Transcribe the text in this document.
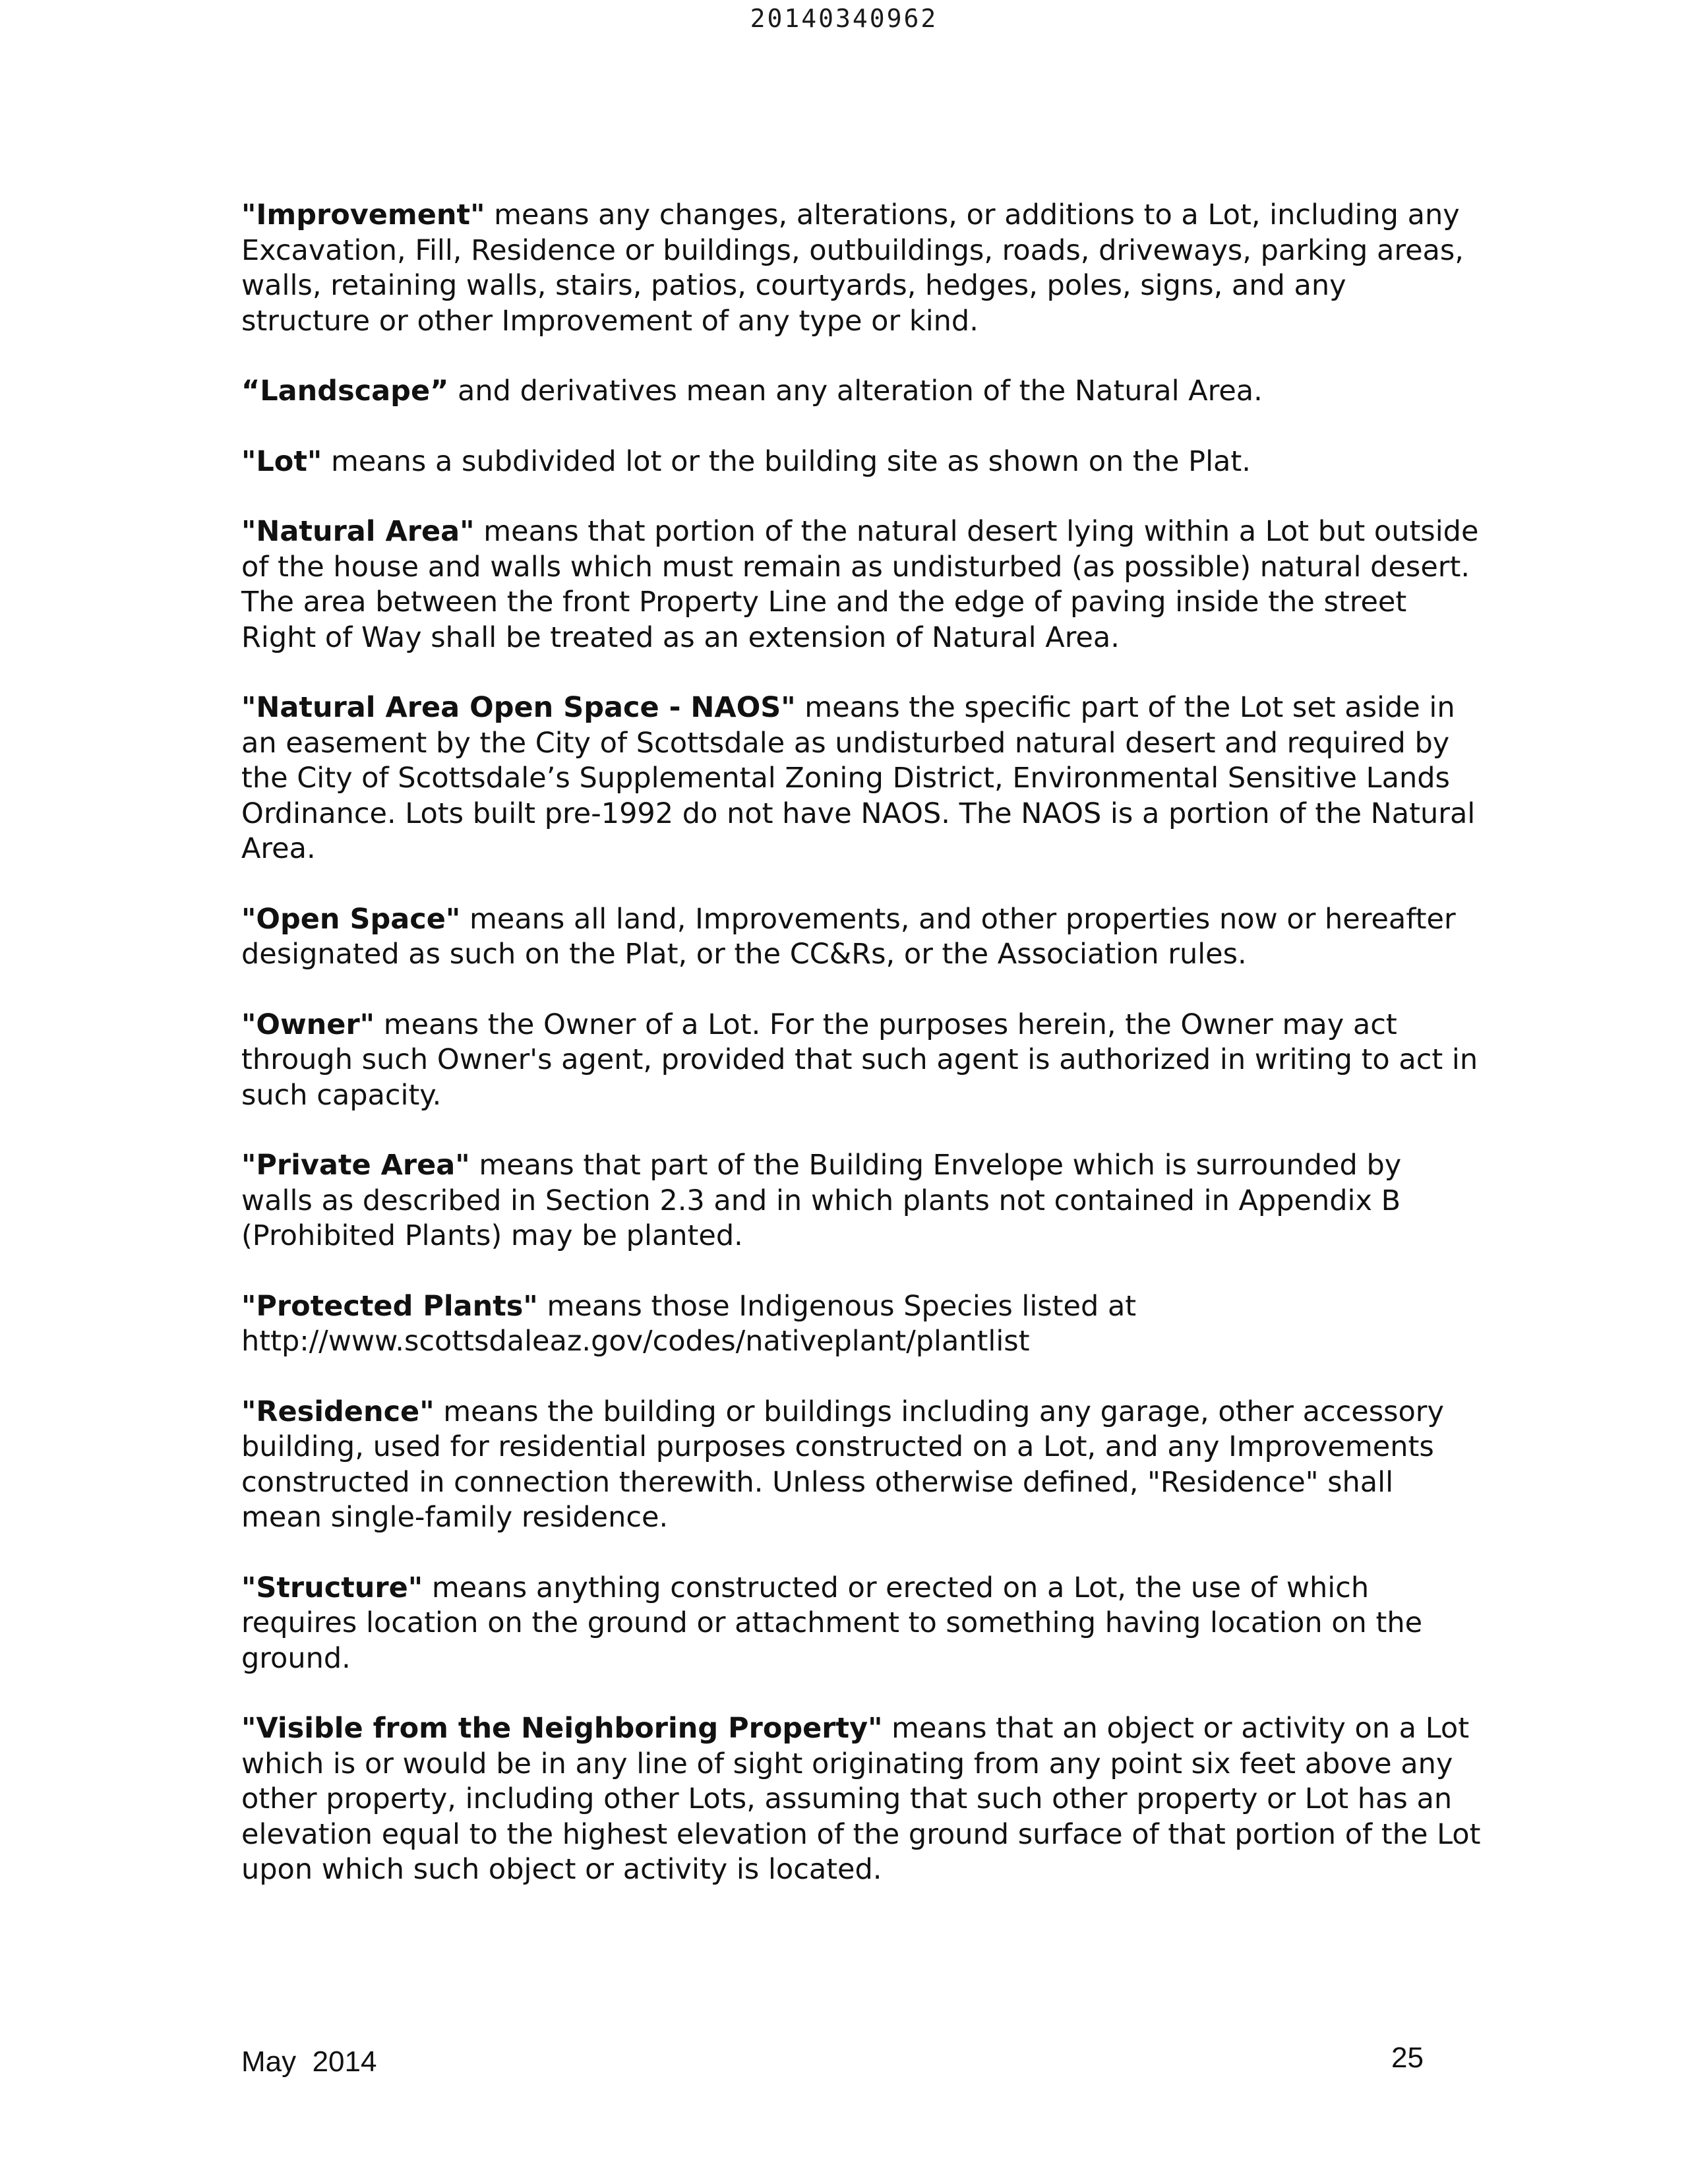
20140340962

"Improvement" means any changes, alterations, or additions to a Lot, including any Excavation, Fill, Residence or buildings, outbuildings, roads, driveways, parking areas, walls, retaining walls, stairs, patios, courtyards, hedges, poles, signs, and any structure or other Improvement of any type or kind.

“Landscape” and derivatives mean any alteration of the Natural Area.

"Lot" means a subdivided lot or the building site as shown on the Plat.

"Natural Area" means that portion of the natural desert lying within a Lot but outside of the house and walls which must remain as undisturbed (as possible) natural desert. The area between the front Property Line and the edge of paving inside the street Right of Way shall be treated as an extension of Natural Area.

"Natural Area Open Space - NAOS" means the specific part of the Lot set aside in an easement by the City of Scottsdale as undisturbed natural desert and required by the City of Scottsdale’s Supplemental Zoning District, Environmental Sensitive Lands Ordinance. Lots built pre-1992 do not have NAOS. The NAOS is a portion of the Natural Area.

"Open Space" means all land, Improvements, and other properties now or hereafter designated as such on the Plat, or the CC&Rs, or the Association rules.

"Owner" means the Owner of a Lot. For the purposes herein, the Owner may act through such Owner's agent, provided that such agent is authorized in writing to act in such capacity.

"Private Area" means that part of the Building Envelope which is surrounded by walls as described in Section 2.3 and in which plants not contained in Appendix B (Prohibited Plants) may be planted.

"Protected Plants" means those Indigenous Species listed at http://www.scottsdaleaz.gov/codes/nativeplant/plantlist

"Residence" means the building or buildings including any garage, other accessory building, used for residential purposes constructed on a Lot, and any Improvements constructed in connection therewith. Unless otherwise defined, "Residence" shall mean single-family residence.

"Structure" means anything constructed or erected on a Lot, the use of which requires location on the ground or attachment to something having location on the ground.

"Visible from the Neighboring Property" means that an object or activity on a Lot which is or would be in any line of sight originating from any point six feet above any other property, including other Lots, assuming that such other property or Lot has an elevation equal to the highest elevation of the ground surface of that portion of the Lot upon which such object or activity is located.

May  2014	25
